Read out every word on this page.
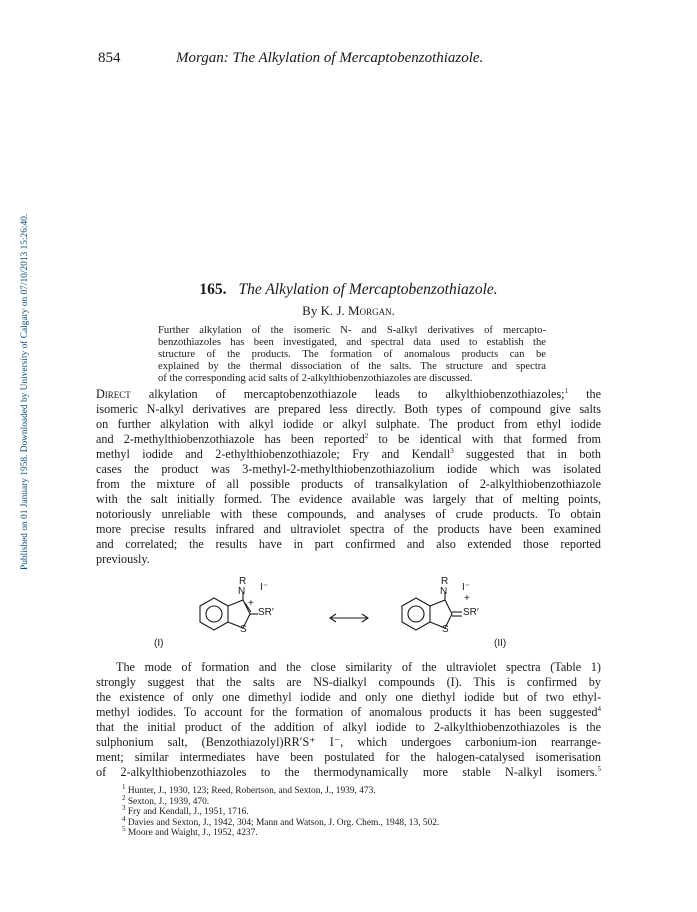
Published on 01 January 1958. Downloaded by University of Calgary on 07/10/2013 15:26:40.
854	Morgan: The Alkylation of Mercaptobenzothiazole.
165. The Alkylation of Mercaptobenzothiazole.
By K. J. Morgan.
Further alkylation of the isomeric N- and S-alkyl derivatives of mercapto-
benzothiazoles has been investigated, and spectral data used to establish the
structure of the products. The formation of anomalous products can be
explained by the thermal dissociation of the salts. The structure and spectra
of the corresponding acid salts of 2-alkylthiobenzothiazoles are discussed.
Direct alkylation of mercaptobenzothiazole leads to alkylthiobenzothiazoles;$^1$ the
isomeric N-alkyl derivatives are prepared less directly. Both types of compound give salts
on further alkylation with alkyl iodide or alkyl sulphate. The product from ethyl iodide
and 2-methylthiobenzothiazole has been reported$^2$ to be identical with that formed from
methyl iodide and 2-ethylthiobenzothiazole; Fry and Kendall$^3$ suggested that in both
cases the product was 3-methyl-2-methylthiobenzothiazolium iodide which was isolated
from the mixture of all possible products of transalkylation of 2-alkylthiobenzothiazole
with the salt initially formed. The evidence available was largely that of melting points,
notoriously unreliable with these compounds, and analyses of crude products. To obtain
more precise results infrared and ultraviolet spectra of the products have been examined
and correlated; the results have in part confirmed and also extended those reported
previously.
R
N I⁻
+
SR′
S
R
N I⁻
+
SR′
S
(I)	(II)
The mode of formation and the close similarity of the ultraviolet spectra (Table 1)
strongly suggest that the salts are NS-dialkyl compounds (I). This is confirmed by
the existence of only one dimethyl iodide and only one diethyl iodide but of two ethyl-
methyl iodides. To account for the formation of anomalous products it has been suggested$^4$
that the initial product of the addition of alkyl iodide to 2-alkylthiobenzothiazoles is the
sulphonium salt, (Benzothiazolyl)RR′S⁺ I⁻, which undergoes carbonium-ion rearrange-
ment; similar intermediates have been postulated for the halogen-catalysed isomerisation
of 2-alkylthiobenzothiazoles to the thermodynamically more stable N-alkyl isomers.$^5$
$^1$ Hunter, J., 1930, 123; Reed, Robertson, and Sexton, J., 1939, 473.
$^2$ Sexton, J., 1939, 470.
$^3$ Fry and Kendall, J., 1951, 1716.
$^4$ Davies and Sexton, J., 1942, 304; Mann and Watson, J. Org. Chem., 1948, 13, 502.
$^5$ Moore and Waight, J., 1952, 4237.
